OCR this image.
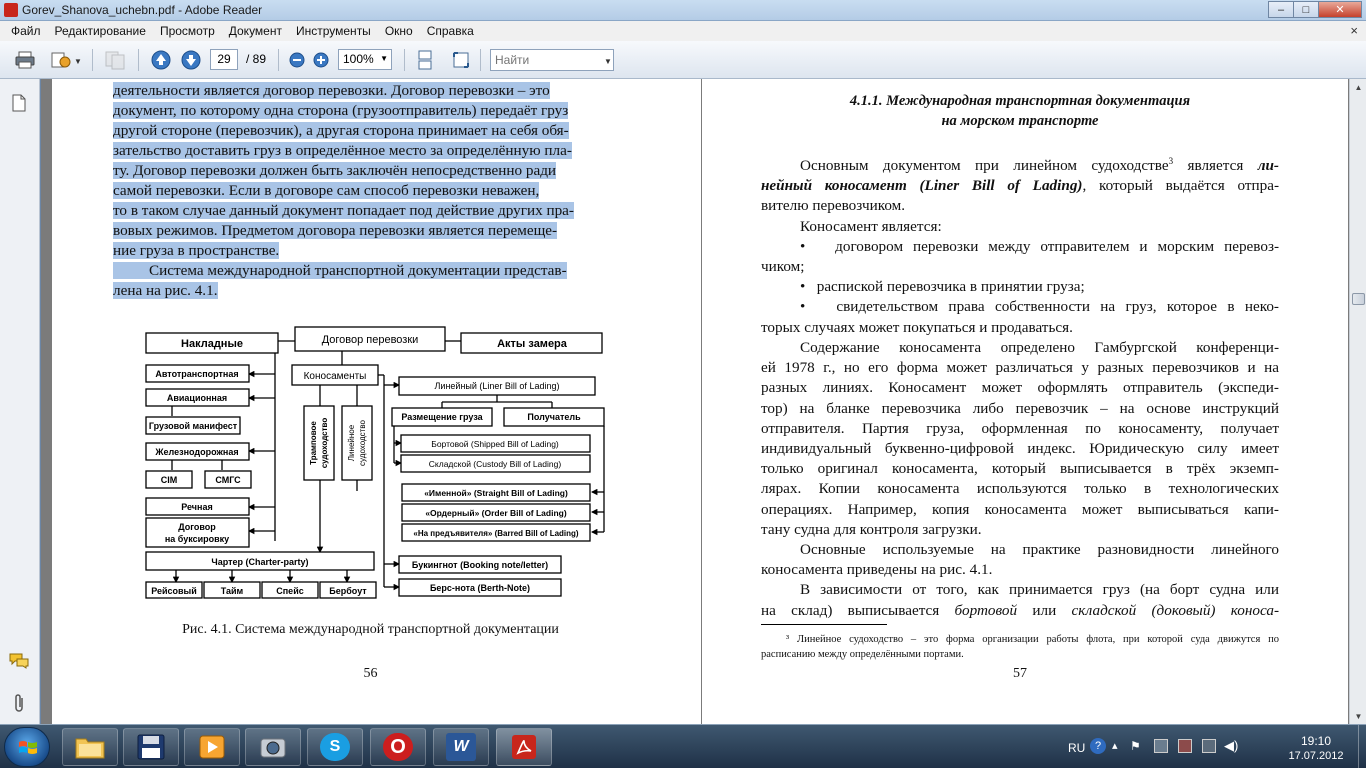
Gorev_Shanova_uchebn.pdf - Adobe Reader	‒	□	✕
Файл	Редактирование	Просмотр	Документ	Инструменты	Окно	Справка	×
▼	29	/ 89	100% ▼
Найти	▼
деятельности является договор перевозки. Договор перевозки – это
документ, по которому одна сторона (грузоотправитель) передаёт груз
другой стороне (перевозчик), а другая сторона принимает на себя обя-
зательство доставить груз в определённое место за определённую пла-
ту. Договор перевозки должен быть заключён непосредственно ради
самой перевозки. Если в договоре сам способ перевозки неважен,
то в таком случае данный документ попадает под действие других пра-
вовых режимов. Предметом договора перевозки является перемеще-
ние груза в пространстве.
Система международной транспортной документации представ-
лена на рис. 4.1.
Накладные	Договор перевозки	Акты замера
Автотранспортная
Авиационная
Грузовой манифест
Железнодорожная
CIM	СМГС
Речная
Договор
на буксировку
Коносаменты
Трамповое судоходство Линейное судоходство
Линейный (Liner Bill of Lading)
Размещение груза	Получатель
Бортовой (Shipped Bill of Lading)
Складской (Custody Bill of Lading)
«Именной» (Straight Bill of Lading)
«Ордерный» (Order Bill of Lading)
«На предъявителя» (Barred Bill of Lading)
Чартер (Charter-party)
Рейсовый	Тайм	Спейс	Бербоут
Букингнот (Booking note/letter)
Берс-нота (Berth-Note)
Рис. 4.1. Система международной транспортной документации
56
4.1.1. Международная транспортная документация
на морском транспорте
Основным документом при линейном судоходстве$^3$ является ли-
нейный коносамент (Liner Bill of Lading), который выдаётся отпра-
вителю перевозчиком.
Коносамент является:
•   договором перевозки между отправителем и морским перевоз-
чиком;
•   распиской перевозчика в принятии груза;
•   свидетельством права собственности на груз, которое в неко-
торых случаях может покупаться и продаваться.
Содержание коносамента определено Гамбургской конференци-
ей 1978 г., но его форма может различаться у разных перевозчиков и на
разных линиях. Коносамент может оформлять отправитель (экспеди-
тор) на бланке перевозчика либо перевозчик – на основе инструкций
отправителя. Партия груза, оформленная по коносаменту, получает
индивидуальный буквенно-цифровой индекс. Юридическую силу имеет
только оригинал коносамента, который выписывается в трёх экземп-
лярах. Копии коносамента используются только в технологических
операциях. Например, копия коносамента может выписываться капи-
тану судна для контроля загрузки.
Основные используемые на практике разновидности линейного
коносамента приведены на рис. 4.1.
В зависимости от того, как принимается груз (на борт судна или
на склад) выписывается бортовой или складской (доковый) коноса-
³ Линейное судоходство – это форма организации работы флота, при которой суда движутся по
расписанию между определёнными портами.
57
▲
▼
S	O	W	RU ? ▴ ⚑	◀)	19:10
17.07.2012
